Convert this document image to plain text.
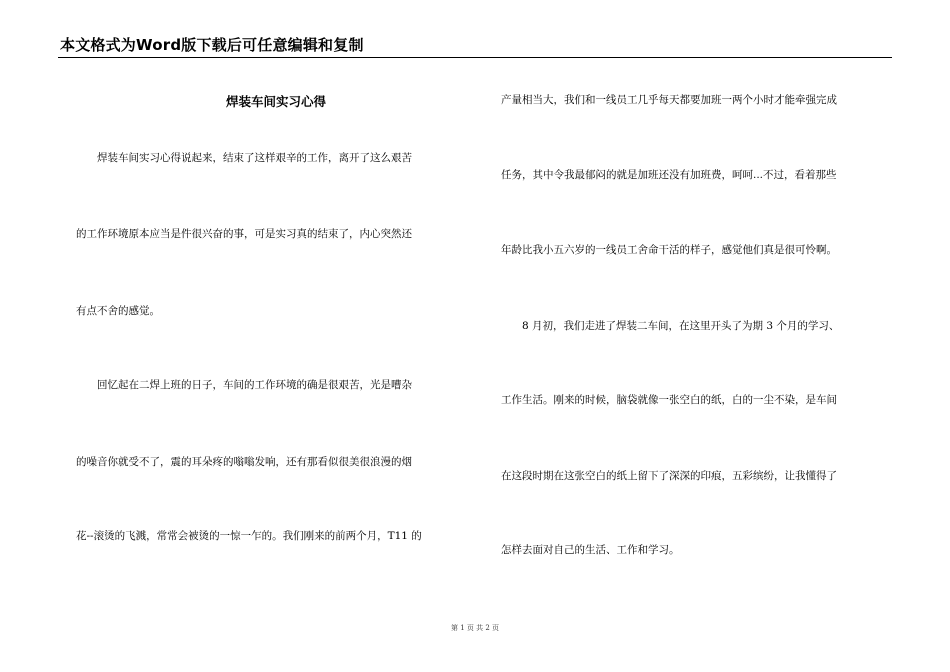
本文格式为Word版下载后可任意编辑和复制
焊装车间实习心得
焊装车间实习心得说起来，结束了这样艰辛的工作，离开了这么艰苦
的工作环境原本应当是件很兴奋的事，可是实习真的结束了，内心突然还
有点不舍的感觉。
回忆起在二焊上班的日子，车间的工作环境的确是很艰苦，光是嘈杂
的噪音你就受不了，震的耳朵疼的嗡嗡发响，还有那看似很美很浪漫的烟
花--滚烫的飞溅，常常会被烫的一惊一乍的。我们刚来的前两个月，T11 的
产量相当大，我们和一线员工几乎每天都要加班一两个小时才能牵强完成
任务，其中令我最郁闷的就是加班还没有加班费，呵呵...不过，看着那些
年龄比我小五六岁的一线员工舍命干活的样子，感觉他们真是很可怜啊。
8 月初，我们走进了焊装二车间，在这里开头了为期 3 个月的学习、
工作生活。刚来的时候，脑袋就像一张空白的纸，白的一尘不染，是车间
在这段时期在这张空白的纸上留下了深深的印痕，五彩缤纷，让我懂得了
怎样去面对自己的生活、工作和学习。
第 1 页 共 2 页
